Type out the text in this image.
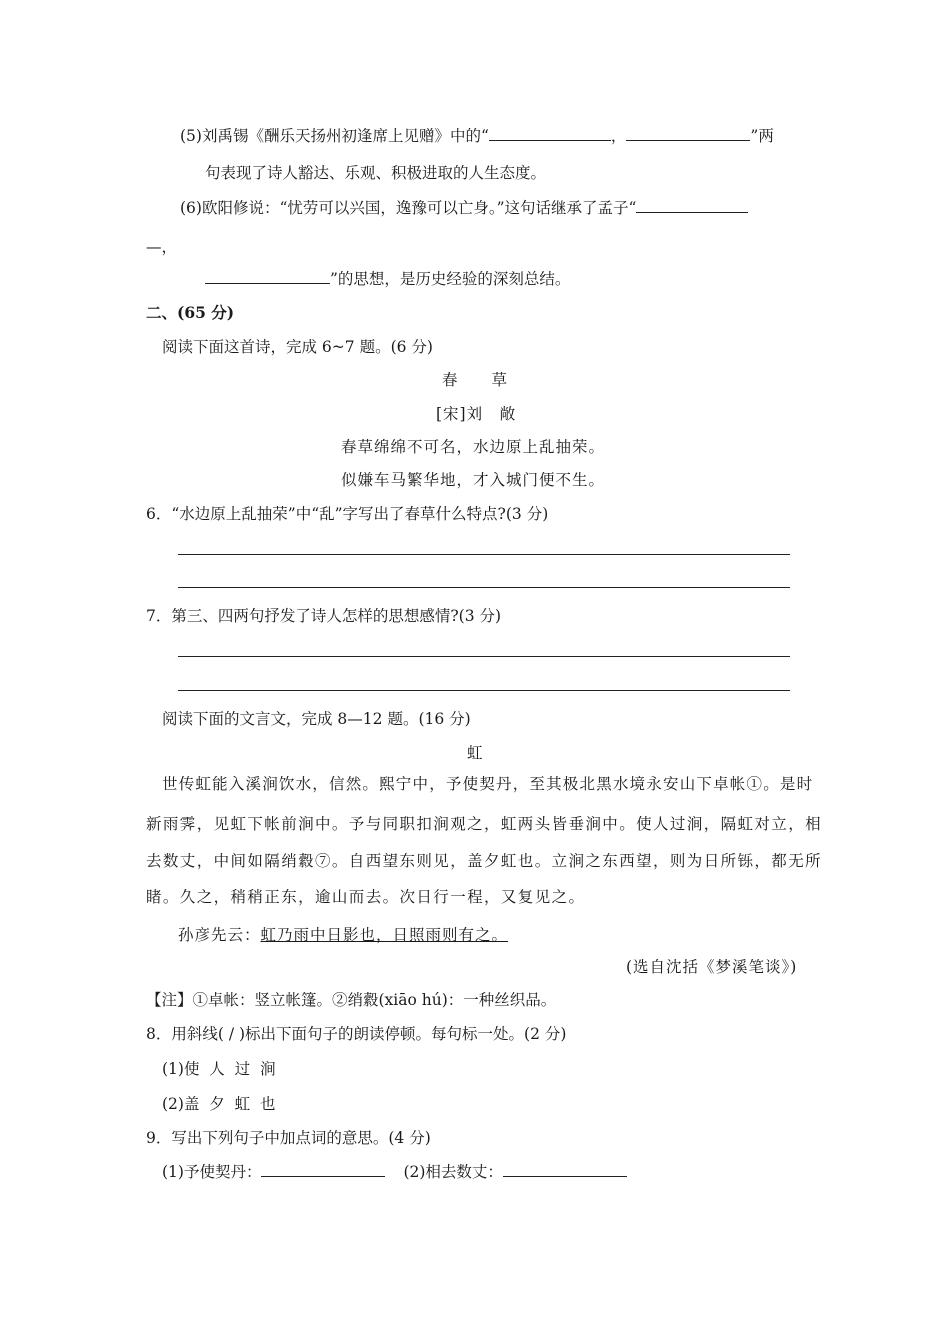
(5)刘禹锡《酬乐天扬州初逢席上见赠》中的“	，	”两
句表现了诗人豁达、乐观、积极进取的人生态度。
(6)欧阳修说：“忧劳可以兴国，逸豫可以亡身。”这句话继承了孟子“
—，
”的思想，是历史经验的深刻总结。
二、(65 分)
阅读下面这首诗，完成 6~7 题。(6 分)
春　　草
[宋]刘　敞
春草绵绵不可名，水边原上乱抽荣。
似嫌车马繁华地，才入城门便不生。
6．“水边原上乱抽荣”中“乱”字写出了春草什么特点?(3 分)
7．第三、四两句抒发了诗人怎样的思想感情?(3 分)
阅读下面的文言文，完成 8—12 题。(16 分)
虹
世传虹能入溪涧饮水，信然。熙宁中，予使契丹，至其极北黑水境永安山下卓帐①。是时
新雨霁，见虹下帐前涧中。予与同职扣涧观之，虹两头皆垂涧中。使人过涧，隔虹对立，相
去数丈，中间如隔绡縠⑦。自西望东则见，盖夕虹也。立涧之东西望，则为日所铄，都无所
睹。久之，稍稍正东，逾山而去。次日行一程，又复见之。
孙彦先云：虹乃雨中日影也，日照雨则有之。
(选自沈括《梦溪笔谈》)
【注】①卓帐：竖立帐篷。②绡縠(xiāo hú)：一种丝织品。
8．用斜线( / )标出下面句子的朗读停顿。每句标一处。(2 分)
(1)使  人  过  涧
(2)盖  夕  虹  也
9．写出下列句子中加点词的意思。(4 分)
(1)予使契丹：	(2)相去数丈：
